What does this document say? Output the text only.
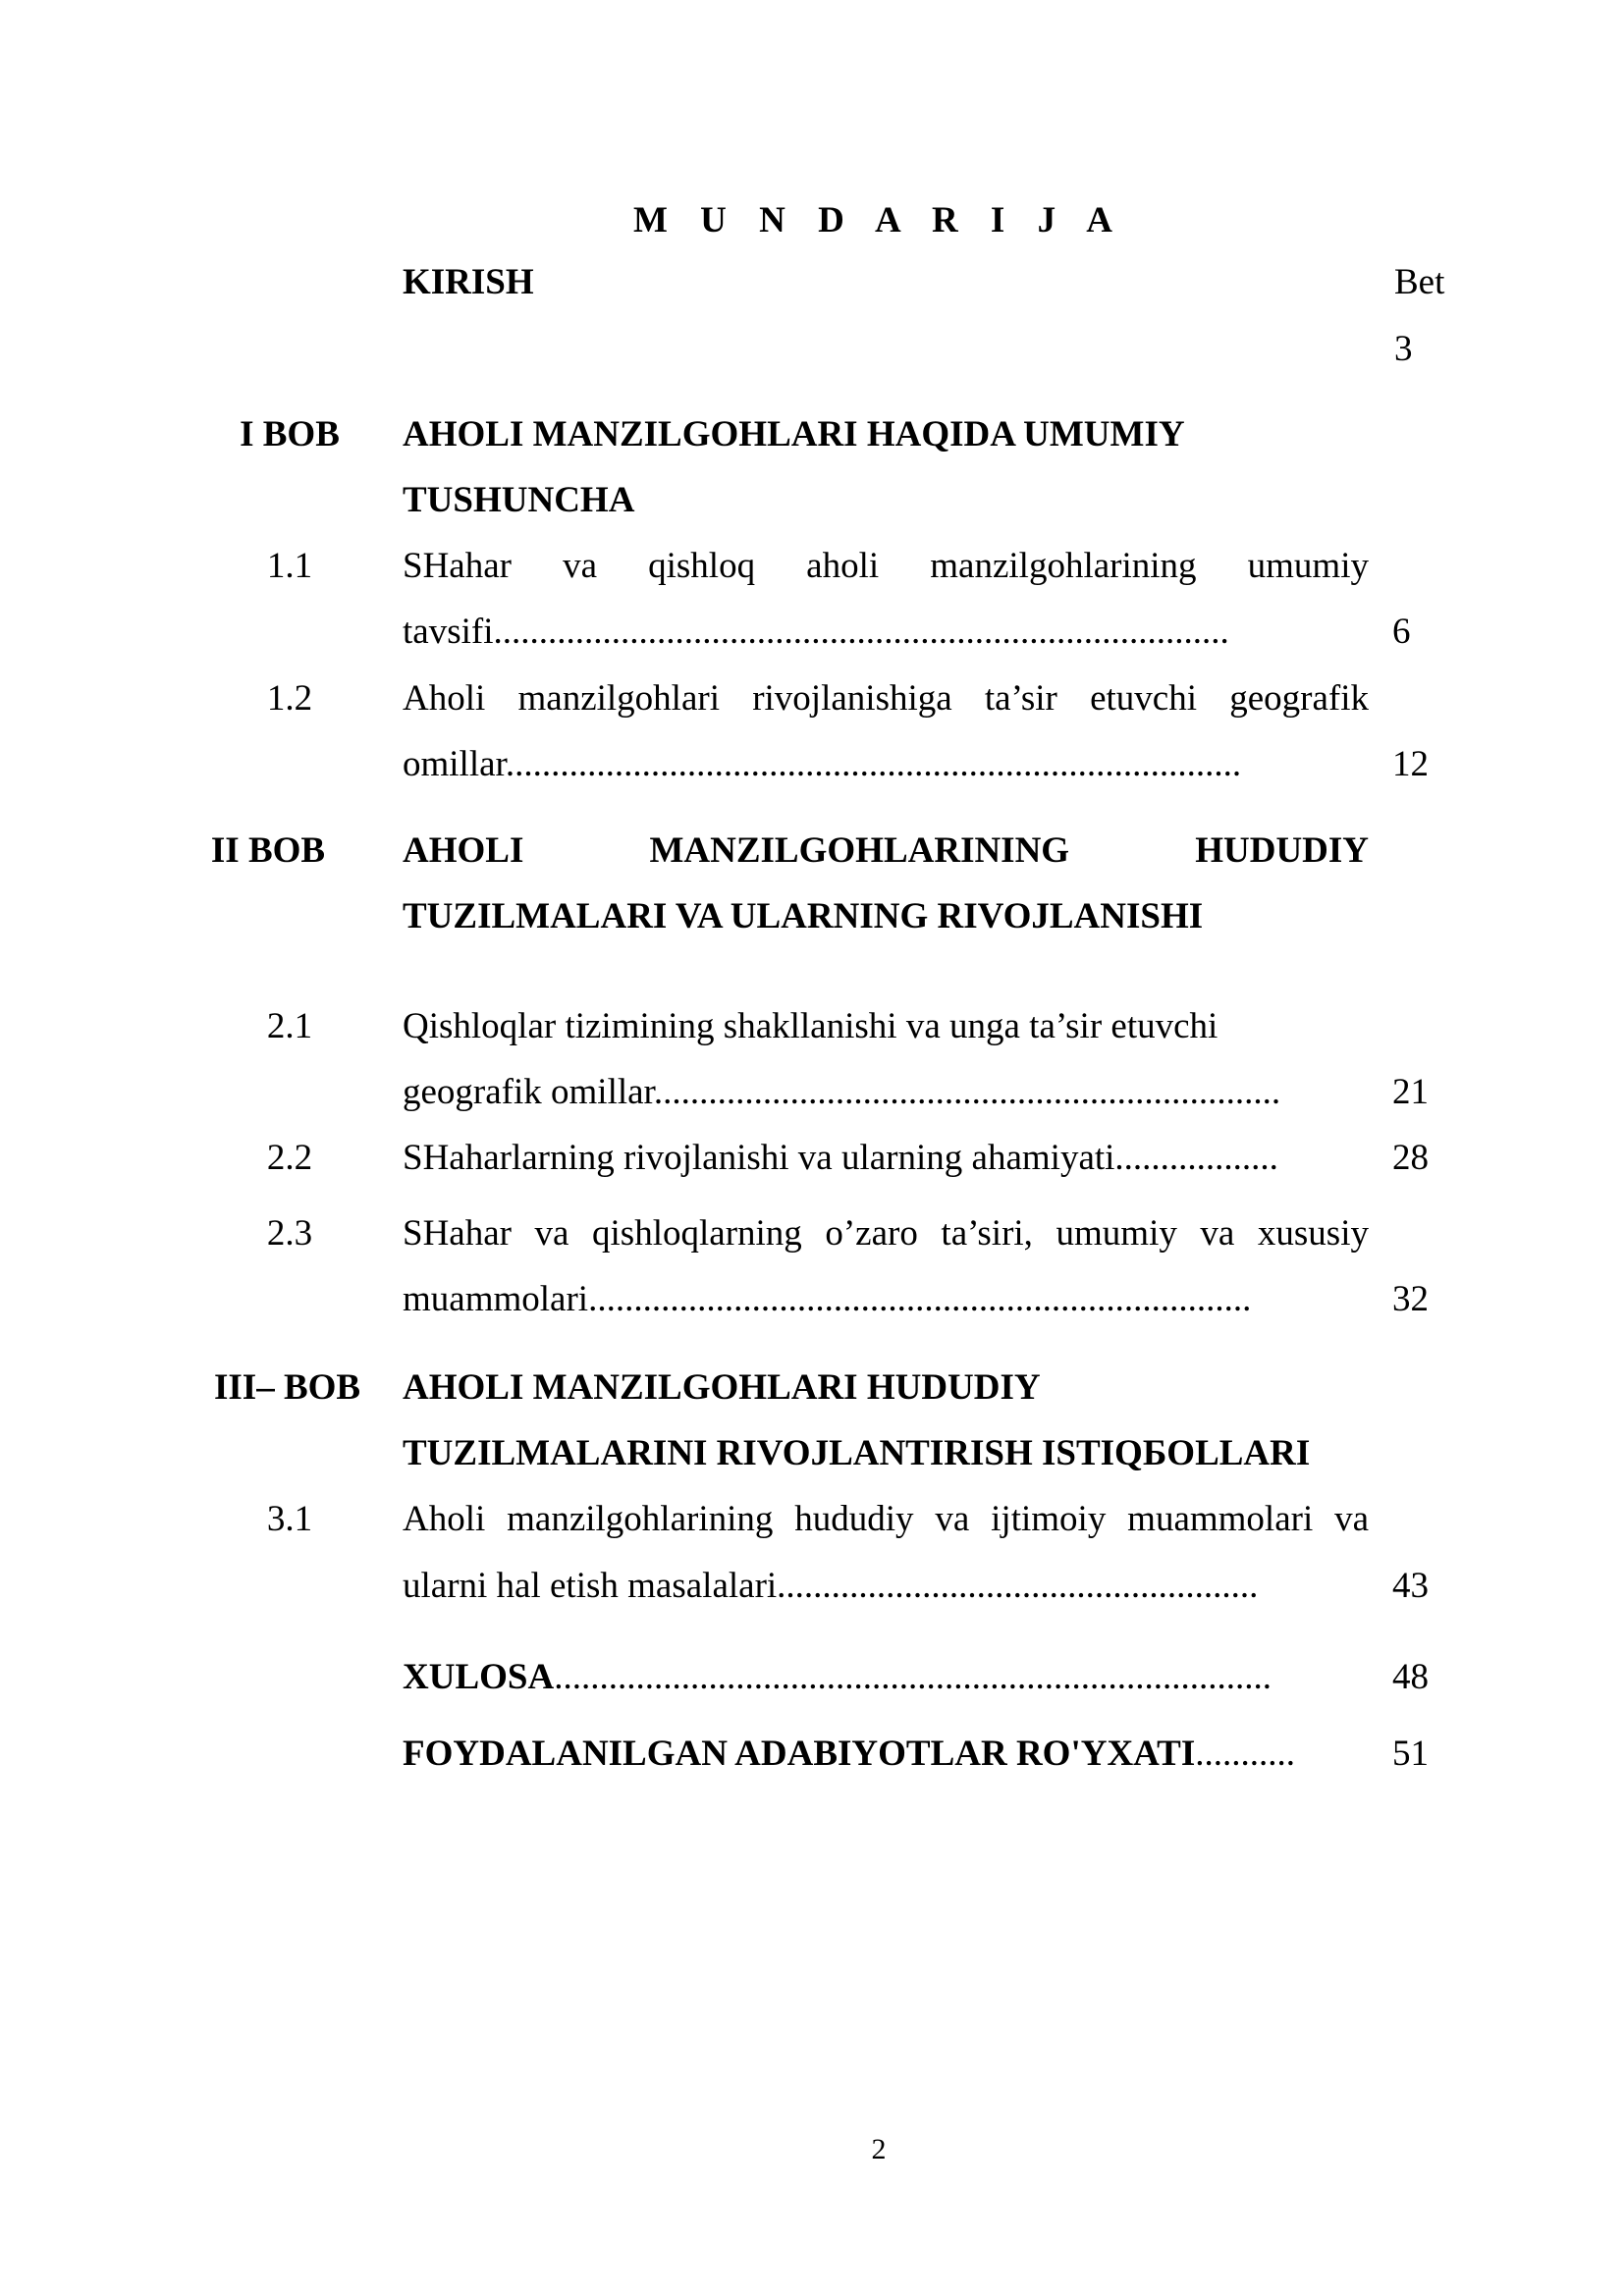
M U N D A R I J A
KIRISH	Bet
3
I BOB	AHOLI MANZILGOHLARI HAQIDA UMUMIY
TUSHUNCHA
1.1	SHahar va qishloq aholi manzilgohlarining umumiy
tavsifi.................................................................................	6
1.2	Aholi manzilgohlari rivojlanishiga ta’sir etuvchi geografik
omillar.................................................................................	12
II BOB	AHOLI MANZILGOHLARINING HUDUDIY
TUZILMALARI VA ULARNING RIVOJLANISHI
2.1	Qishloqlar tizimining shakllanishi va unga ta’sir etuvchi
geografik omillar.....................................................................	21
2.2	SHaharlarning rivojlanishi va ularning ahamiyati..................	28
2.3	SHahar va qishloqlarning o’zaro ta’siri, umumiy va xususiy
muammolari.........................................................................	32
III– BOB AHOLI MANZILGOHLARI HUDUDIY
TUZILMALARINI RIVOJLANTIRISH ISTIQБOLLARI
3.1	Aholi manzilgohlarining hududiy va ijtimoiy muammolari va
ularni hal etish masalalari.....................................................	43
XULOSA...............................................................................	48
FOYDALANILGAN ADABIYOTLAR RO'YXATI...........	51
2
